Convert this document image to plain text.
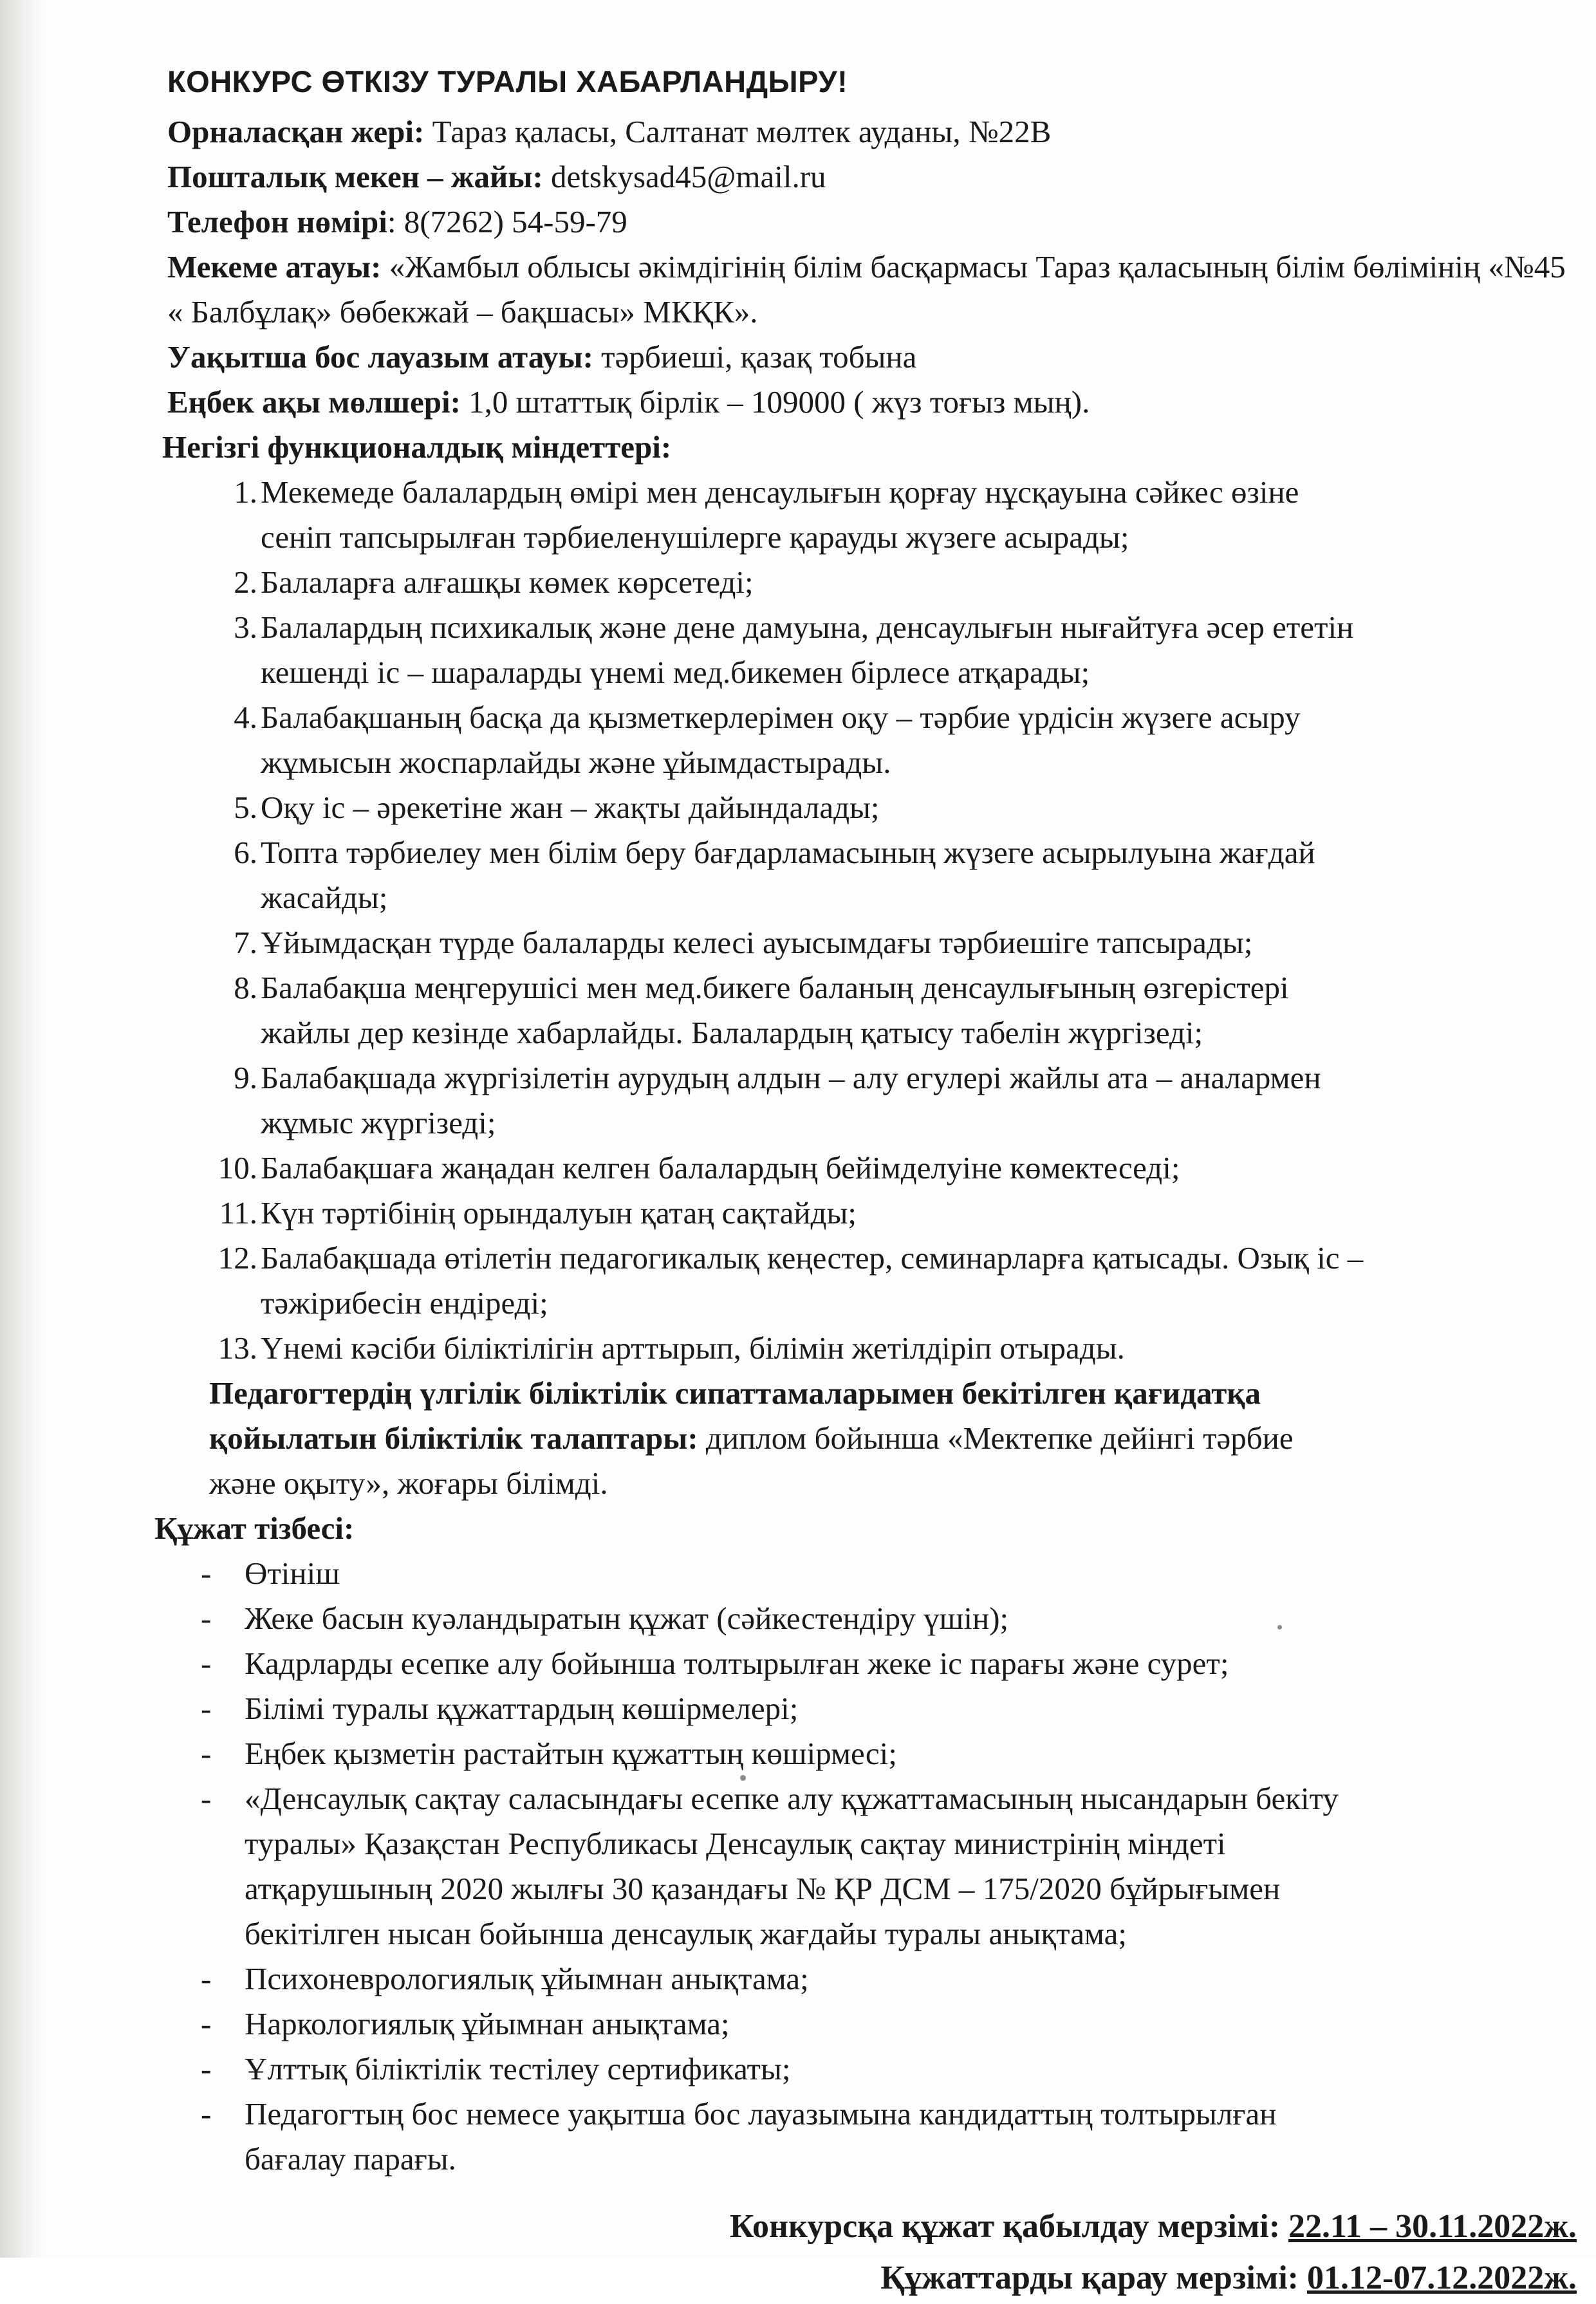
КОНКУРС ӨТКІЗУ ТУРАЛЫ ХАБАРЛАНДЫРУ!
Орналасқан жері: Тараз қаласы, Салтанат мөлтек ауданы, №22В
Пошталық мекен – жайы: detskysad45@mail.ru
Телефон нөмірі: 8(7262) 54-59-79
Мекеме атауы: «Жамбыл облысы әкімдігінің білім басқармасы Тараз қаласының білім бөлімінің «№45 « Балбұлақ» бөбекжай – бақшасы» МКҚК».
Уақытша бос лауазым атауы: тәрбиеші, қазақ тобына
Еңбек ақы мөлшері: 1,0 штаттық бірлік – 109000 ( жүз тоғыз мың).
Негізгі функционалдық міндеттері:
1. Мекемеде балалардың өмірі мен денсаулығын қорғау нұсқауына сәйкес өзіне
сеніп тапсырылған тәрбиеленушілерге қарауды жүзеге асырады;
2. Балаларға алғашқы көмек көрсетеді;
3. Балалардың психикалық және дене дамуына, денсаулығын нығайтуға әсер ететін
кешенді іс – шараларды үнемі мед.бикемен бірлесе атқарады;
4. Балабақшаның басқа да қызметкерлерімен оқу – тәрбие үрдісін жүзеге асыру
жұмысын жоспарлайды және ұйымдастырады.
5. Оқу іс – әрекетіне жан – жақты дайындалады;
6. Топта тәрбиелеу мен білім беру бағдарламасының жүзеге асырылуына жағдай
жасайды;
7. Ұйымдасқан түрде балаларды келесі ауысымдағы тәрбиешіге тапсырады;
8. Балабақша меңгерушісі мен мед.бикеге баланың денсаулығының өзгерістері
жайлы дер кезінде хабарлайды. Балалардың қатысу табелін жүргізеді;
9. Балабақшада жүргізілетін аурудың алдын – алу егулері жайлы ата – аналармен
жұмыс жүргізеді;
10. Балабақшаға жаңадан келген балалардың бейімделуіне көмектеседі;
11. Күн тәртібінің орындалуын қатаң сақтайды;
12. Балабақшада өтілетін педагогикалық кеңестер, семинарларға қатысады. Озық іс –
тәжірибесін ендіреді;
13. Үнемі кәсіби біліктілігін арттырып, білімін жетілдіріп отырады.
Педагогтердің үлгілік біліктілік сипаттамаларымен бекітілген қағидатқа
қойылатын біліктілік талаптары: диплом бойынша «Мектепке дейінгі тәрбие
және оқыту», жоғары білімді.
Құжат тізбесі:
- Өтініш
- Жеке басын куәландыратын құжат (сәйкестендіру үшін);
- Кадрларды есепке алу бойынша толтырылған жеке іс парағы және сурет;
- Білімі туралы құжаттардың көшірмелері;
- Еңбек қызметін растайтын құжаттың көшірмесі;
- «Денсаулық сақтау саласындағы есепке алу құжаттамасының нысандарын бекіту
туралы» Қазақстан Республикасы Денсаулық сақтау министрінің міндеті
атқарушының 2020 жылғы 30 қазандағы № ҚР ДСМ – 175/2020 бұйрығымен
бекітілген нысан бойынша денсаулық жағдайы туралы анықтама;
- Психоневрологиялық ұйымнан анықтама;
- Наркологиялық ұйымнан анықтама;
- Ұлттық біліктілік тестілеу сертификаты;
- Педагогтың бос немесе уақытша бос лауазымына кандидаттың толтырылған
бағалау парағы.
Конкурсқа құжат қабылдау мерзімі: 22.11 – 30.11.2022ж.
Құжаттарды қарау мерзімі: 01.12-07.12.2022ж.
